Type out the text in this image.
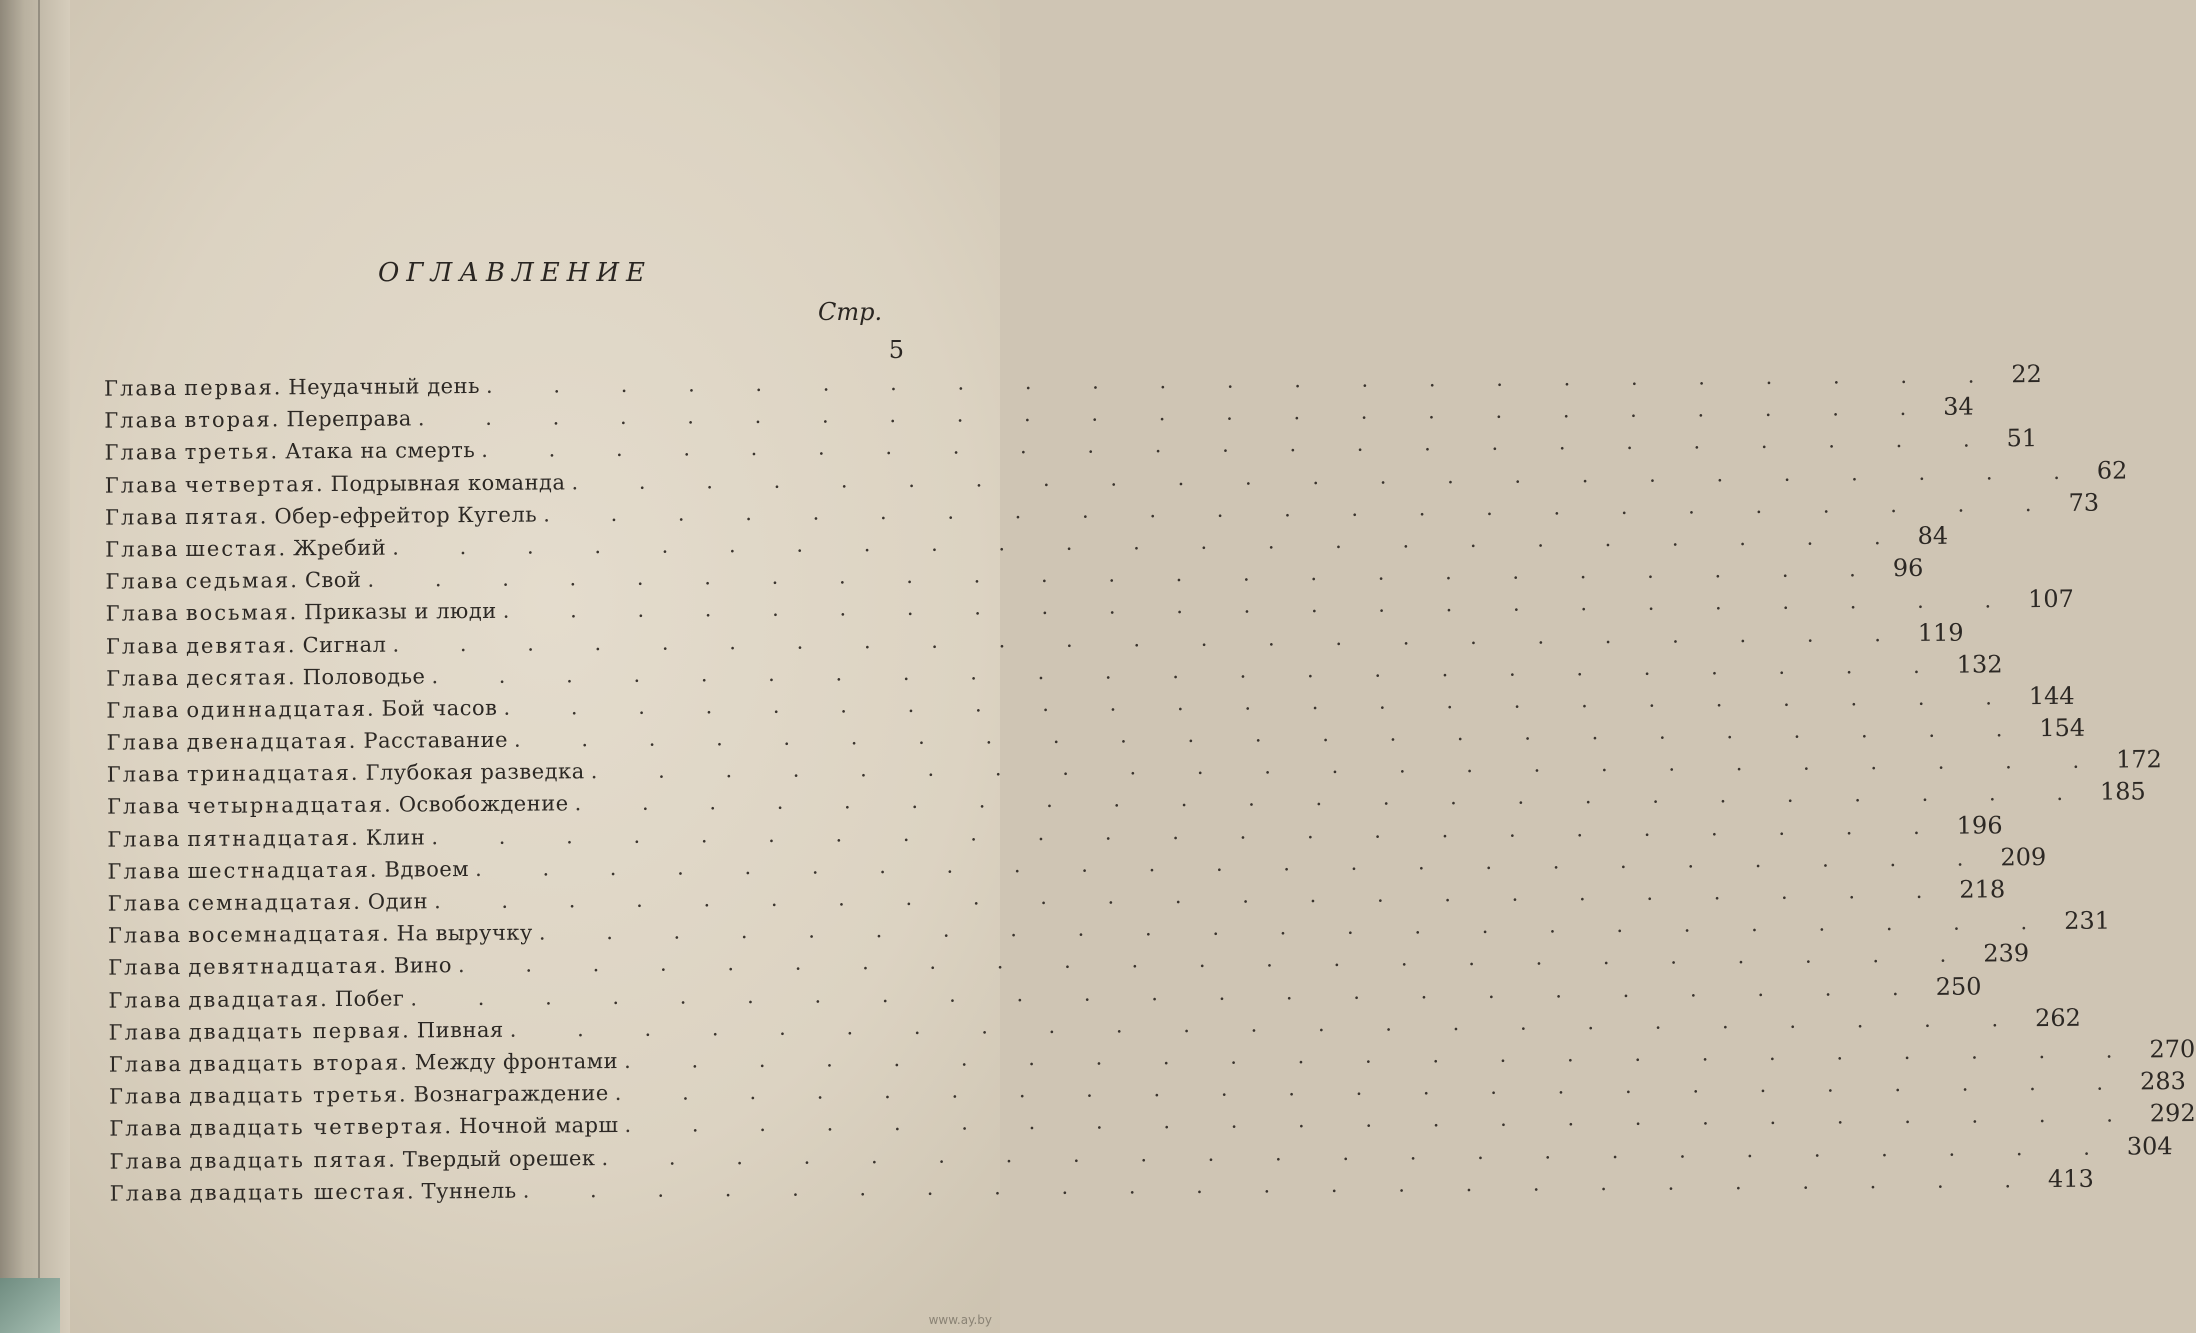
ОГЛАВЛЕНИЕ
Стр.
5
Глава первая. Неудачный день . . . . . . . . . . . . . . . . . . . . . . . 22
Глава вторая. Переправа . . . . . . . . . . . . . . . . . . . . . . . 34
Глава третья. Атака на смерть . . . . . . . . . . . . . . . . . . . . . . . 51
Глава четвертая. Подрывная команда . . . . . . . . . . . . . . . . . . . . . . . 62
Глава пятая. Обер-ефрейтор Кугель . . . . . . . . . . . . . . . . . . . . . . . 73
Глава шестая. Жребий . . . . . . . . . . . . . . . . . . . . . . . 84
Глава седьмая. Свой . . . . . . . . . . . . . . . . . . . . . . . 96
Глава восьмая. Приказы и люди . . . . . . . . . . . . . . . . . . . . . . . 107
Глава девятая. Сигнал . . . . . . . . . . . . . . . . . . . . . . . 119
Глава десятая. Половодье . . . . . . . . . . . . . . . . . . . . . . . 132
Глава одиннадцатая. Бой часов . . . . . . . . . . . . . . . . . . . . . . . 144
Глава двенадцатая. Расставание . . . . . . . . . . . . . . . . . . . . . . . 154
Глава тринадцатая. Глубокая разведка . . . . . . . . . . . . . . . . . . . . . . . 172
Глава четырнадцатая. Освобождение . . . . . . . . . . . . . . . . . . . . . . . 185
Глава пятнадцатая. Клин . . . . . . . . . . . . . . . . . . . . . . . 196
Глава шестнадцатая. Вдвоем . . . . . . . . . . . . . . . . . . . . . . . 209
Глава семнадцатая. Один . . . . . . . . . . . . . . . . . . . . . . . 218
Глава восемнадцатая. На выручку . . . . . . . . . . . . . . . . . . . . . . . 231
Глава девятнадцатая. Вино . . . . . . . . . . . . . . . . . . . . . . . 239
Глава двадцатая. Побег . . . . . . . . . . . . . . . . . . . . . . . 250
Глава двадцать первая. Пивная . . . . . . . . . . . . . . . . . . . . . . . 262
Глава двадцать вторая. Между фронтами . . . . . . . . . . . . . . . . . . . . . . . 270
Глава двадцать третья. Вознаграждение . . . . . . . . . . . . . . . . . . . . . . . 283
Глава двадцать четвертая. Ночной марш . . . . . . . . . . . . . . . . . . . . . . . 292
Глава двадцать пятая. Твердый орешек . . . . . . . . . . . . . . . . . . . . . . . 304
Глава двадцать шестая. Туннель . . . . . . . . . . . . . . . . . . . . . . . 413
www.ay.by
